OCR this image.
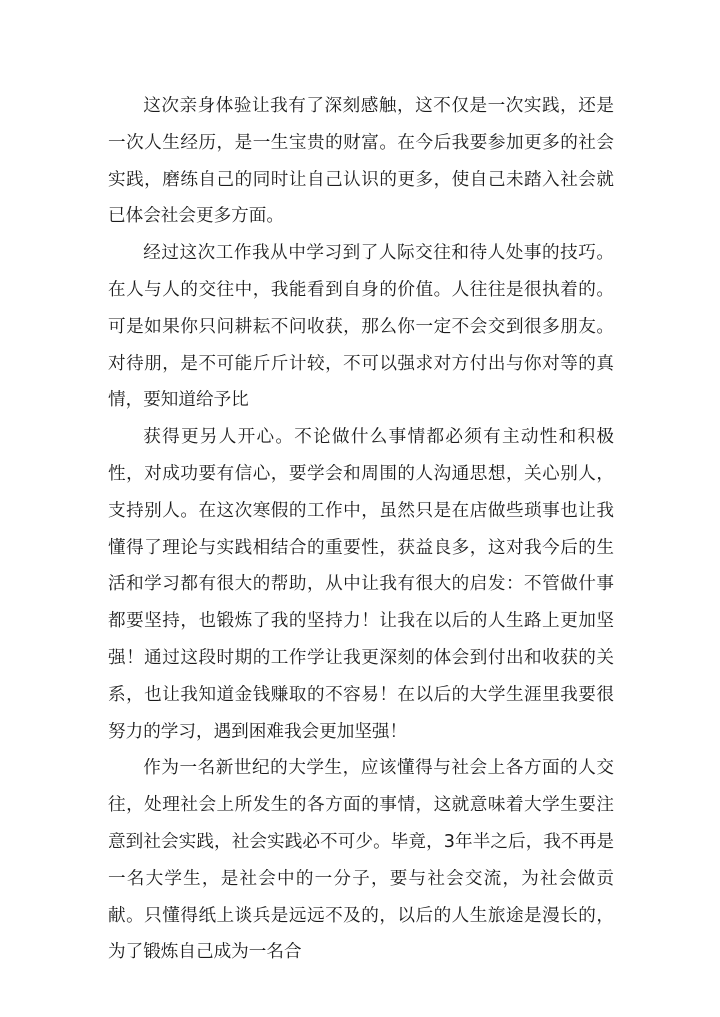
这次亲身体验让我有了深刻感触，这不仅是一次实践，还是一次人生经历，是一生宝贵的财富。在今后我要参加更多的社会实践，磨练自己的同时让自己认识的更多，使自己未踏入社会就已体会社会更多方面。

经过这次工作我从中学习到了人际交往和待人处事的技巧。在人与人的交往中，我能看到自身的价值。人往往是很执着的。可是如果你只问耕耘不问收获，那么你一定不会交到很多朋友。对待朋，是不可能斤斤计较，不可以强求对方付出与你对等的真情，要知道给予比

获得更另人开心。不论做什么事情都必须有主动性和积极性，对成功要有信心，要学会和周围的人沟通思想，关心别人，支持别人。在这次寒假的工作中，虽然只是在店做些琐事也让我懂得了理论与实践相结合的重要性，获益良多，这对我今后的生活和学习都有很大的帮助，从中让我有很大的启发：不管做什事都要坚持，也锻炼了我的坚持力！让我在以后的人生路上更加坚强！通过这段时期的工作学让我更深刻的体会到付出和收获的关系，也让我知道金钱赚取的不容易！在以后的大学生涯里我要很努力的学习，遇到困难我会更加坚强！

作为一名新世纪的大学生，应该懂得与社会上各方面的人交往，处理社会上所发生的各方面的事情，这就意味着大学生要注意到社会实践，社会实践必不可少。毕竟，3年半之后，我不再是一名大学生，是社会中的一分子，要与社会交流，为社会做贡献。只懂得纸上谈兵是远远不及的，以后的人生旅途是漫长的，为了锻炼自己成为一名合
